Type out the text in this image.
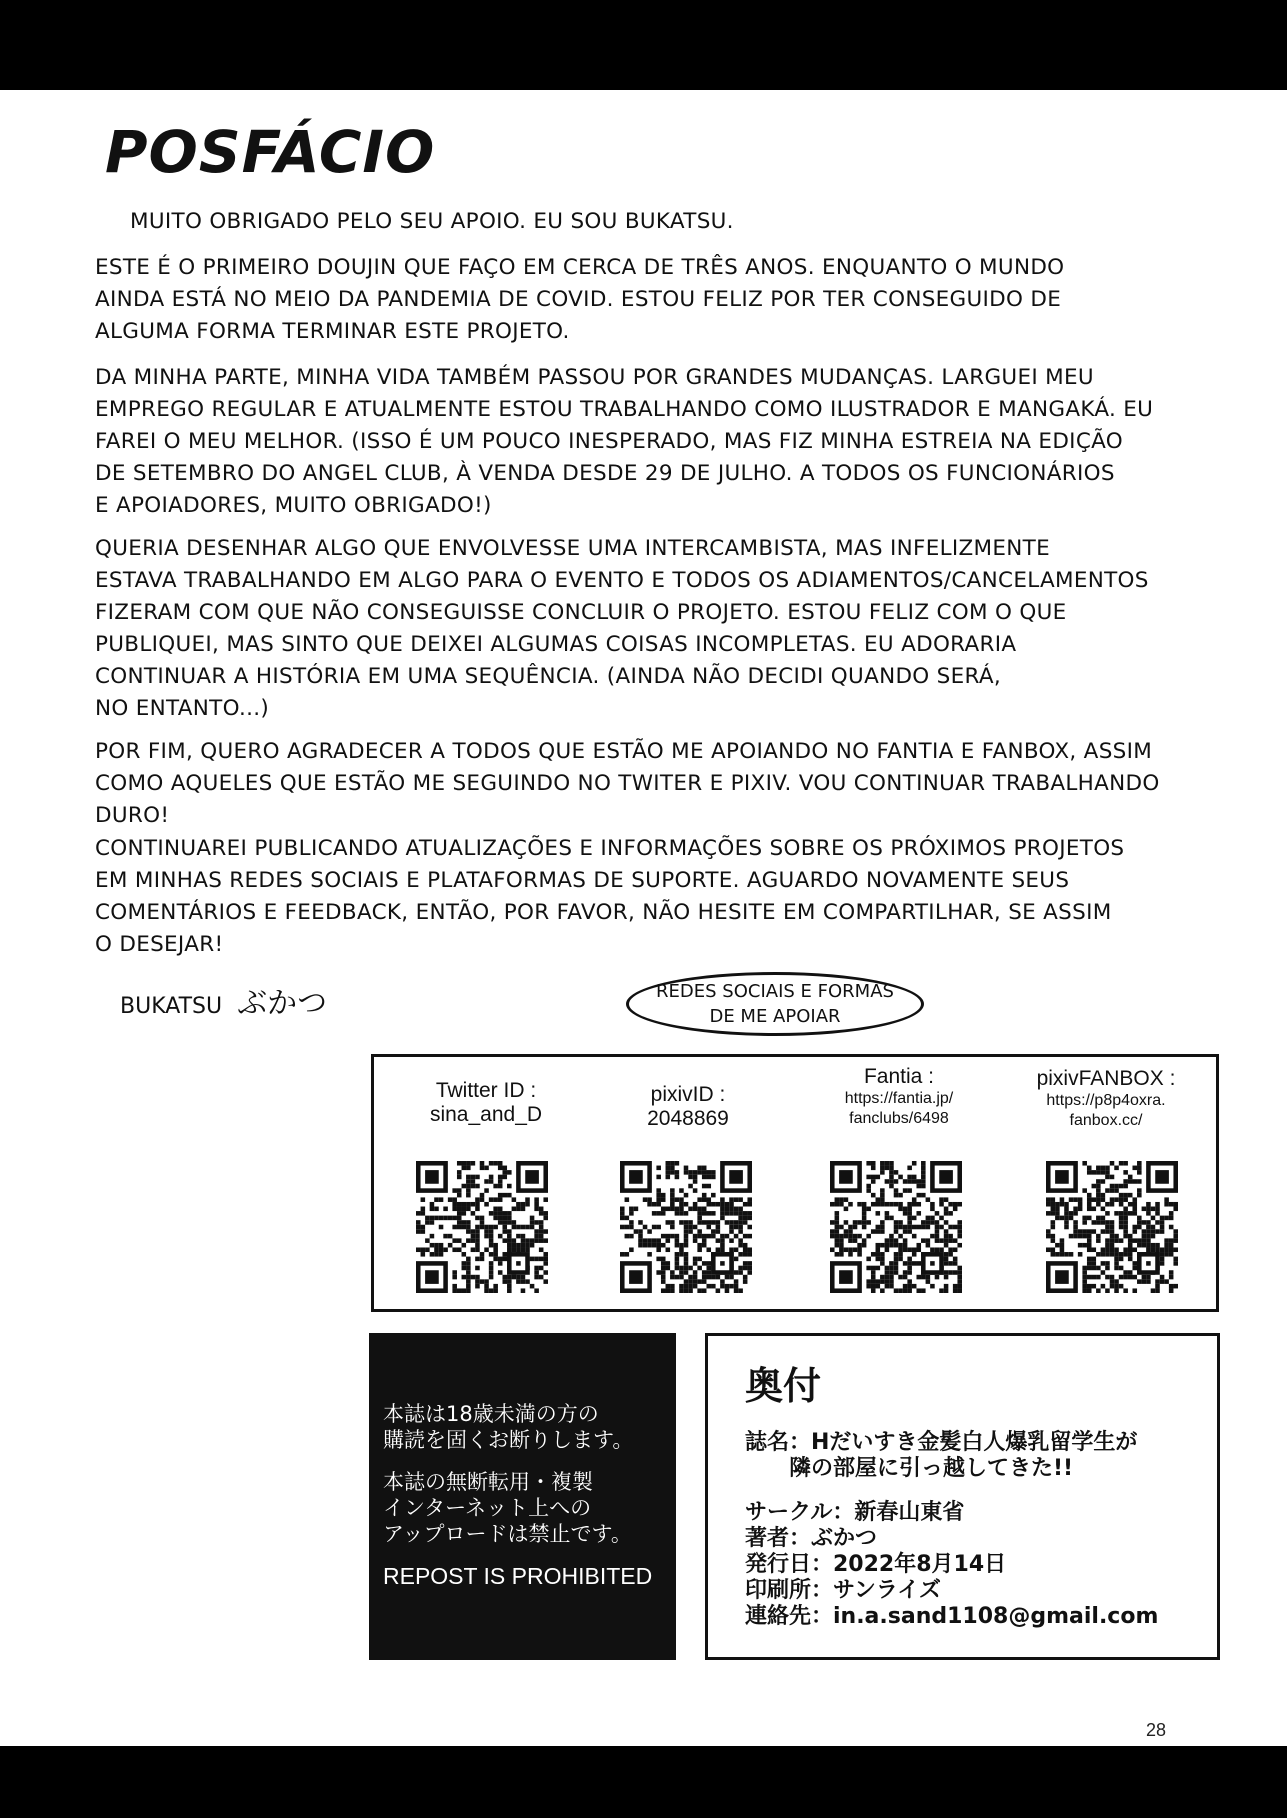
POSFÁCIO
MUITO OBRIGADO PELO SEU APOIO. EU SOU BUKATSU.
ESTE É O PRIMEIRO DOUJIN QUE FAÇO EM CERCA DE TRÊS ANOS. ENQUANTO O MUNDO
AINDA ESTÁ NO MEIO DA PANDEMIA DE COVID. ESTOU FELIZ POR TER CONSEGUIDO DE
ALGUMA FORMA TERMINAR ESTE PROJETO.
DA MINHA PARTE, MINHA VIDA TAMBÉM PASSOU POR GRANDES MUDANÇAS. LARGUEI MEU
EMPREGO REGULAR E ATUALMENTE ESTOU TRABALHANDO COMO ILUSTRADOR E MANGAKÁ. EU
FAREI O MEU MELHOR. (ISSO É UM POUCO INESPERADO, MAS FIZ MINHA ESTREIA NA EDIÇÃO
DE SETEMBRO DO ANGEL CLUB, À VENDA DESDE 29 DE JULHO. A TODOS OS FUNCIONÁRIOS
E APOIADORES, MUITO OBRIGADO!)
QUERIA DESENHAR ALGO QUE ENVOLVESSE UMA INTERCAMBISTA, MAS INFELIZMENTE
ESTAVA TRABALHANDO EM ALGO PARA O EVENTO E TODOS OS ADIAMENTOS/CANCELAMENTOS
FIZERAM COM QUE NÃO CONSEGUISSE CONCLUIR O PROJETO. ESTOU FELIZ COM O QUE
PUBLIQUEI, MAS SINTO QUE DEIXEI ALGUMAS COISAS INCOMPLETAS. EU ADORARIA
CONTINUAR A HISTÓRIA EM UMA SEQUÊNCIA. (AINDA NÃO DECIDI QUANDO SERÁ,
NO ENTANTO...)
POR FIM, QUERO AGRADECER A TODOS QUE ESTÃO ME APOIANDO NO FANTIA E FANBOX, ASSIM
COMO AQUELES QUE ESTÃO ME SEGUINDO NO TWITER E PIXIV. VOU CONTINUAR TRABALHANDO
DURO!
CONTINUAREI PUBLICANDO ATUALIZAÇÕES E INFORMAÇÕES SOBRE OS PRÓXIMOS PROJETOS
EM MINHAS REDES SOCIAIS E PLATAFORMAS DE SUPORTE. AGUARDO NOVAMENTE SEUS
COMENTÁRIOS E FEEDBACK, ENTÃO, POR FAVOR, NÃO HESITE EM COMPARTILHAR, SE ASSIM
O DESEJAR!
BUKATSU ぶかつ	REDES SOCIAIS E FORMAS
DE ME APOIAR
Twitter ID :
sina_and_D
pixivID :
2048869
Fantia :
https://fantia.jp/
fanclubs/6498
pixivFANBOX :
https://p8p4oxra.
fanbox.cc/

本誌は18歳未満の方の
購読を固くお断りします。

本誌の無断転用・複製
インターネット上への
アップロードは禁止です。

REPOST IS PROHIBITED

奥付
誌名：Hだいすき金髪白人爆乳留学生が
隣の部屋に引っ越してきた!!
サークル：新春山東省
著者：ぶかつ
発行日：2022年8月14日
印刷所：サンライズ
連絡先：in.a.sand1108@gmail.com
28
